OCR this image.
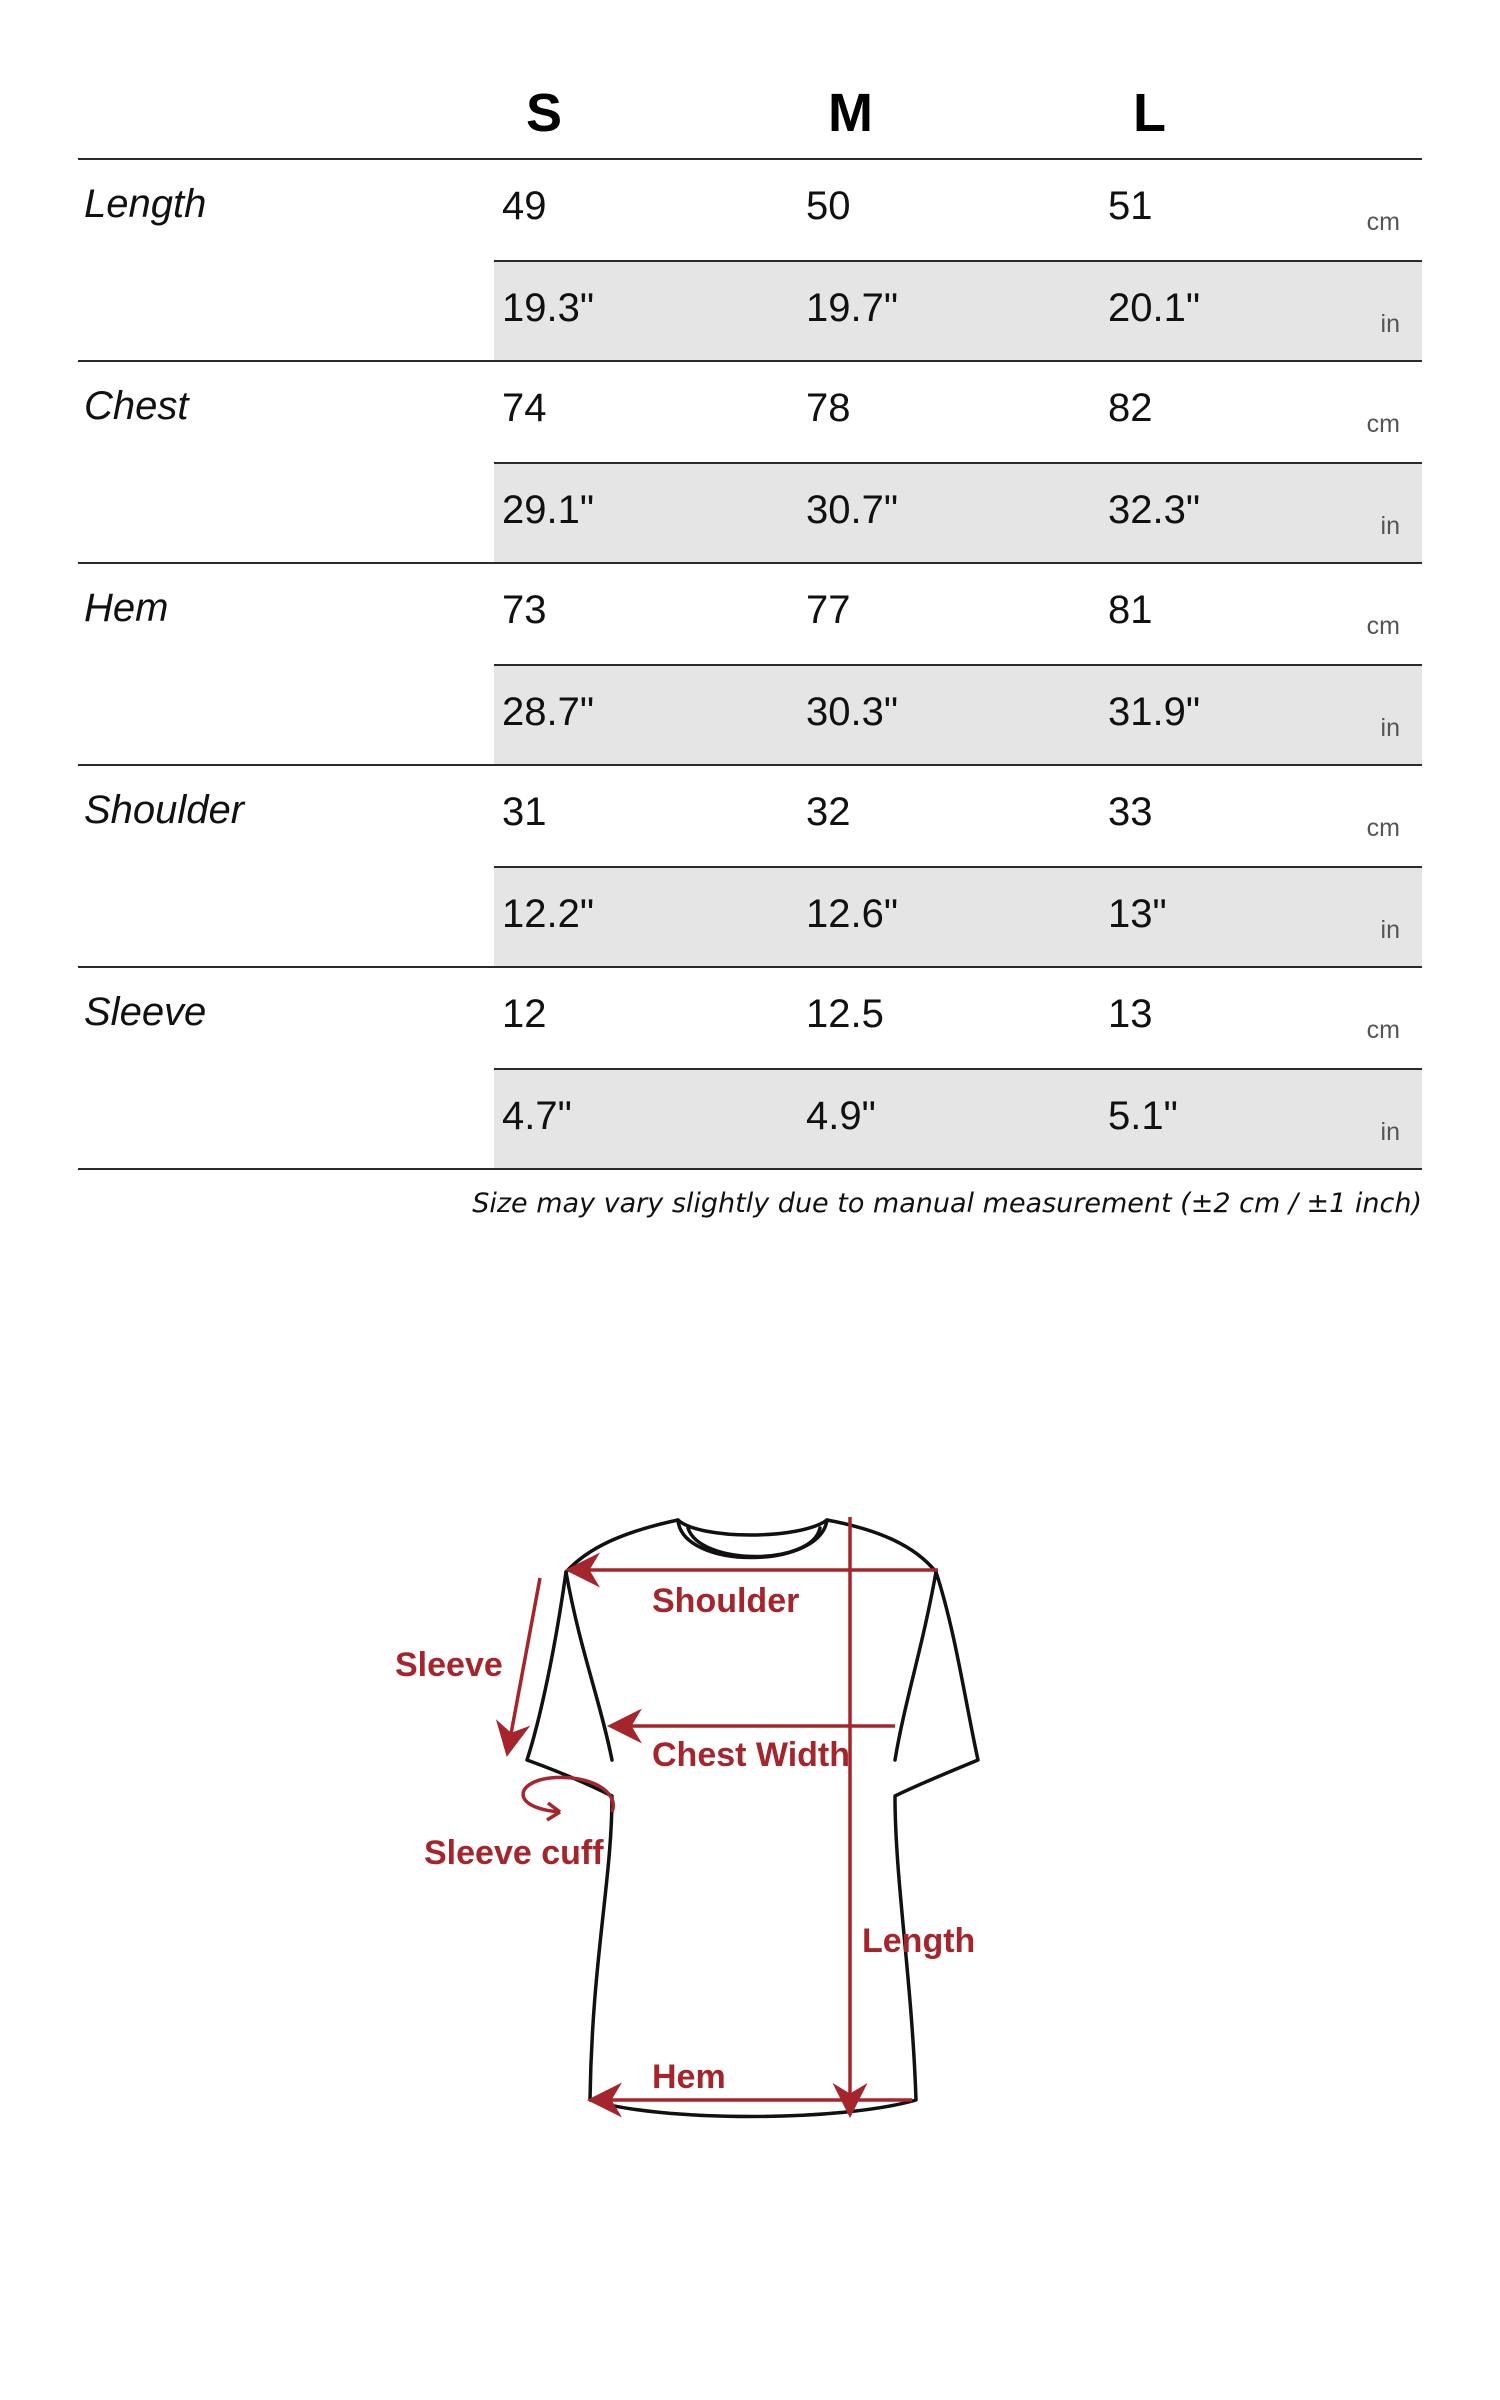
S	M	L
Length	49	50	51	cm
19.3"	19.7"	20.1"	in
Chest	74	78	82	cm
29.1"	30.7"	32.3"	in
Hem	73	77	81	cm
28.7"	30.3"	31.9"	in
Shoulder	31	32	33	cm
12.2"	12.6"	13"	in
Sleeve	12	12.5	13	cm
4.7"	4.9"	5.1"	in
Size may vary slightly due to manual measurement (±2 cm / ±1 inch)
Shoulder
Sleeve
Chest Width
Sleeve cuff
Length
Hem
